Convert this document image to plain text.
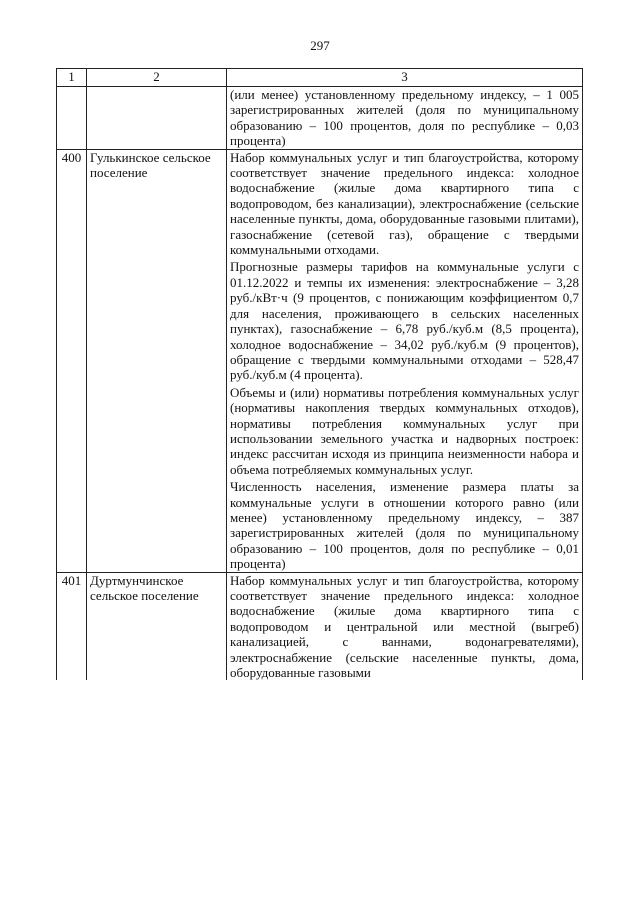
297
1	2	3

		(или менее) установленному предельному индексу, – 1 005 зарегистрированных жителей (доля по муниципальному образованию – 100 процентов, доля по республике – 0,03 процента)

400	Гулькинское сельское поселение	Набор коммунальных услуг и тип благоустройства, которому соответствует значение предельного индекса: холодное водоснабжение (жилые дома квартирного типа с водопроводом, без канализации), электроснабжение (сельские населенные пункты, дома, оборудованные газовыми плитами), газоснабжение (сетевой газ), обращение с твердыми коммунальными отходами.

Прогнозные размеры тарифов на коммунальные услуги с 01.12.2022 и темпы их изменения: электроснабжение – 3,28 руб./кВт·ч (9 процентов, с понижающим коэффициентом 0,7 для населения, проживающего в сельских населенных пунктах), газоснабжение – 6,78 руб./куб.м (8,5 процента), холодное водоснабжение – 34,02 руб./куб.м (9 процентов), обращение с твердыми коммунальными отходами – 528,47 руб./куб.м (4 процента).

Объемы и (или) нормативы потребления коммунальных услуг (нормативы накопления твердых коммунальных отходов), нормативы потребления коммунальных услуг при использовании земельного участка и надворных построек: индекс рассчитан исходя из принципа неизменности набора и объема потребляемых коммунальных услуг.

Численность населения, изменение размера платы за коммунальные услуги в отношении которого равно (или менее) установленному предельному индексу, – 387 зарегистрированных жителей (доля по муниципальному образованию – 100 процентов, доля по республике – 0,01 процента)

401	Дуртмунчинское сельское поселение	Набор коммунальных услуг и тип благоустройства, которому соответствует значение предельного индекса: холодное водоснабжение (жилые дома квартирного типа с водопроводом и центральной или местной (выгреб) канализацией, с ваннами, водонагревателями), электроснабжение (сельские населенные пункты, дома, оборудованные газовыми
